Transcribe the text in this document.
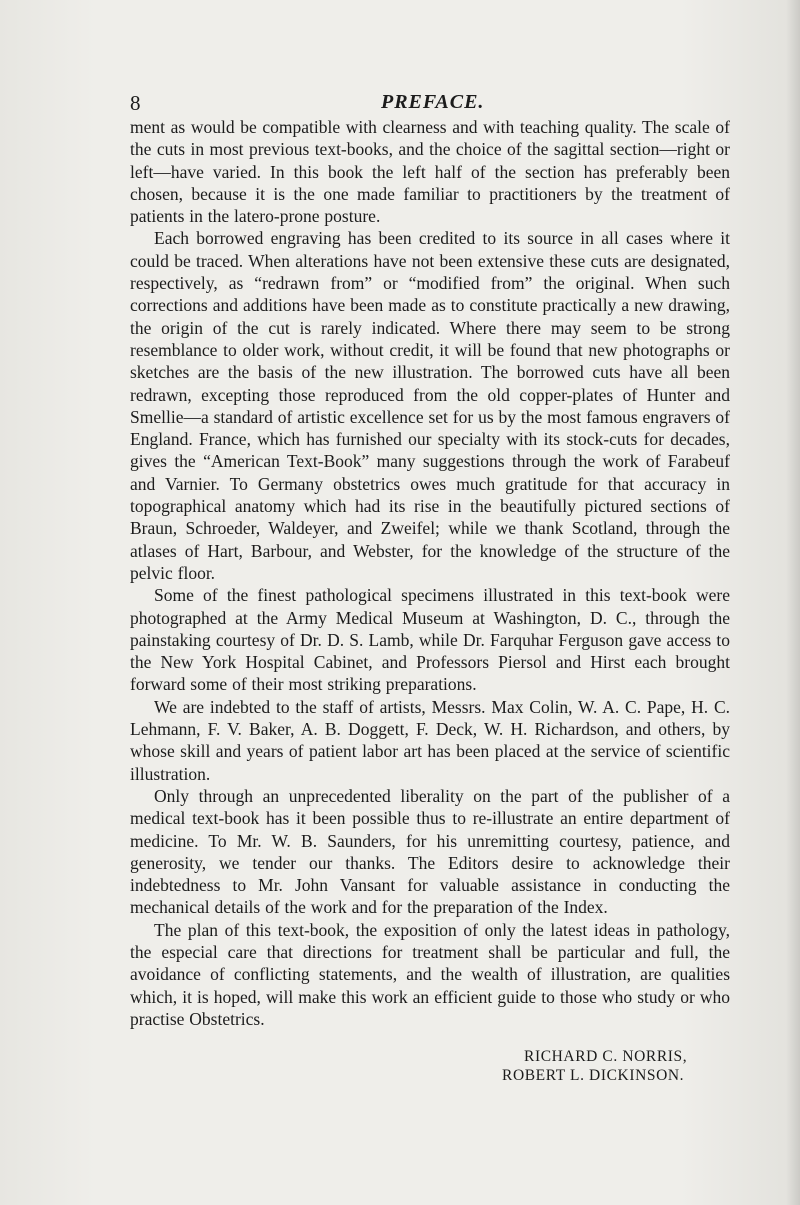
8	PREFACE.

ment as would be compatible with clearness and with teaching quality. The scale of the cuts in most previous text-books, and the choice of the sagittal section—right or left—have varied. In this book the left half of the section has preferably been chosen, because it is the one made familiar to practitioners by the treatment of patients in the latero-prone posture.

Each borrowed engraving has been credited to its source in all cases where it could be traced. When alterations have not been extensive these cuts are designated, respectively, as “redrawn from” or “modified from” the original. When such corrections and additions have been made as to constitute practically a new drawing, the origin of the cut is rarely indicated. Where there may seem to be strong resemblance to older work, without credit, it will be found that new photographs or sketches are the basis of the new illustration. The borrowed cuts have all been redrawn, excepting those reproduced from the old copper-plates of Hunter and Smellie—a standard of artistic excellence set for us by the most famous engravers of England. France, which has furnished our specialty with its stock-cuts for decades, gives the “American Text-Book” many suggestions through the work of Farabeuf and Varnier. To Germany obstetrics owes much gratitude for that accuracy in topographical anatomy which had its rise in the beautifully pictured sections of Braun, Schroeder, Waldeyer, and Zweifel; while we thank Scotland, through the atlases of Hart, Barbour, and Webster, for the knowledge of the structure of the pelvic floor.

Some of the finest pathological specimens illustrated in this text-book were photographed at the Army Medical Museum at Washington, D. C., through the painstaking courtesy of Dr. D. S. Lamb, while Dr. Farquhar Ferguson gave access to the New York Hospital Cabinet, and Professors Piersol and Hirst each brought forward some of their most striking preparations.

We are indebted to the staff of artists, Messrs. Max Colin, W. A. C. Pape, H. C. Lehmann, F. V. Baker, A. B. Doggett, F. Deck, W. H. Richardson, and others, by whose skill and years of patient labor art has been placed at the service of scientific illustration.

Only through an unprecedented liberality on the part of the publisher of a medical text-book has it been possible thus to re-illustrate an entire department of medicine. To Mr. W. B. Saunders, for his unremitting courtesy, patience, and generosity, we tender our thanks. The Editors desire to acknowledge their indebtedness to Mr. John Vansant for valuable assistance in conducting the mechanical details of the work and for the preparation of the Index.

The plan of this text-book, the exposition of only the latest ideas in pathology, the especial care that directions for treatment shall be particular and full, the avoidance of conflicting statements, and the wealth of illustration, are qualities which, it is hoped, will make this work an efficient guide to those who study or who practise Obstetrics.

RICHARD C. NORRIS,
ROBERT L. DICKINSON.
